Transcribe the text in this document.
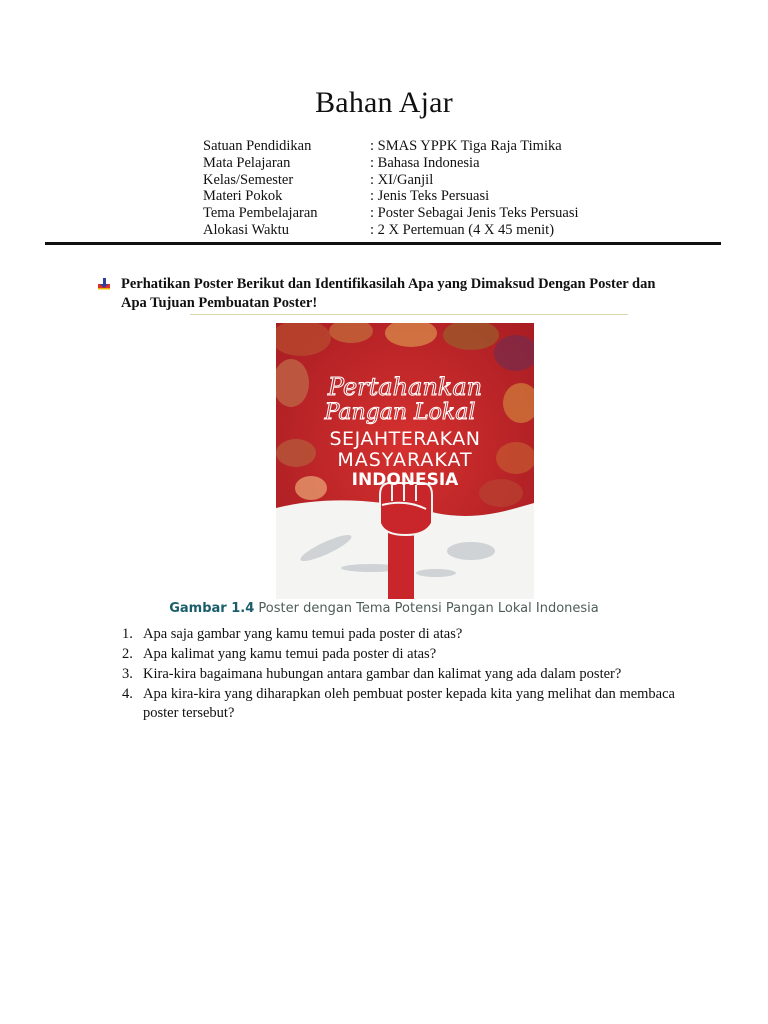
Bahan Ajar
Satuan Pendidikan	: SMAS YPPK Tiga Raja Timika
Mata Pelajaran	: Bahasa Indonesia
Kelas/Semester	: XI/Ganjil
Materi Pokok	: Jenis Teks Persuasi
Tema Pembelajaran	: Poster Sebagai Jenis Teks Persuasi
Alokasi Waktu	: 2 X Pertemuan (4 X 45 menit)
Perhatikan Poster Berikut dan Identifikasilah Apa yang Dimaksud Dengan Poster dan Apa Tujuan Pembuatan Poster!
Pertahankan
Pangan Lokal
SEJAHTERAKAN
MASYARAKAT
INDONESIA
Gambar 1.4 Poster dengan Tema Potensi Pangan Lokal Indonesia
1. Apa saja gambar yang kamu temui pada poster di atas?
2. Apa kalimat yang kamu temui pada poster di atas?
3. Kira-kira bagaimana hubungan antara gambar dan kalimat yang ada dalam poster?
4. Apa kira-kira yang diharapkan oleh pembuat poster kepada kita yang melihat dan membaca poster tersebut?
